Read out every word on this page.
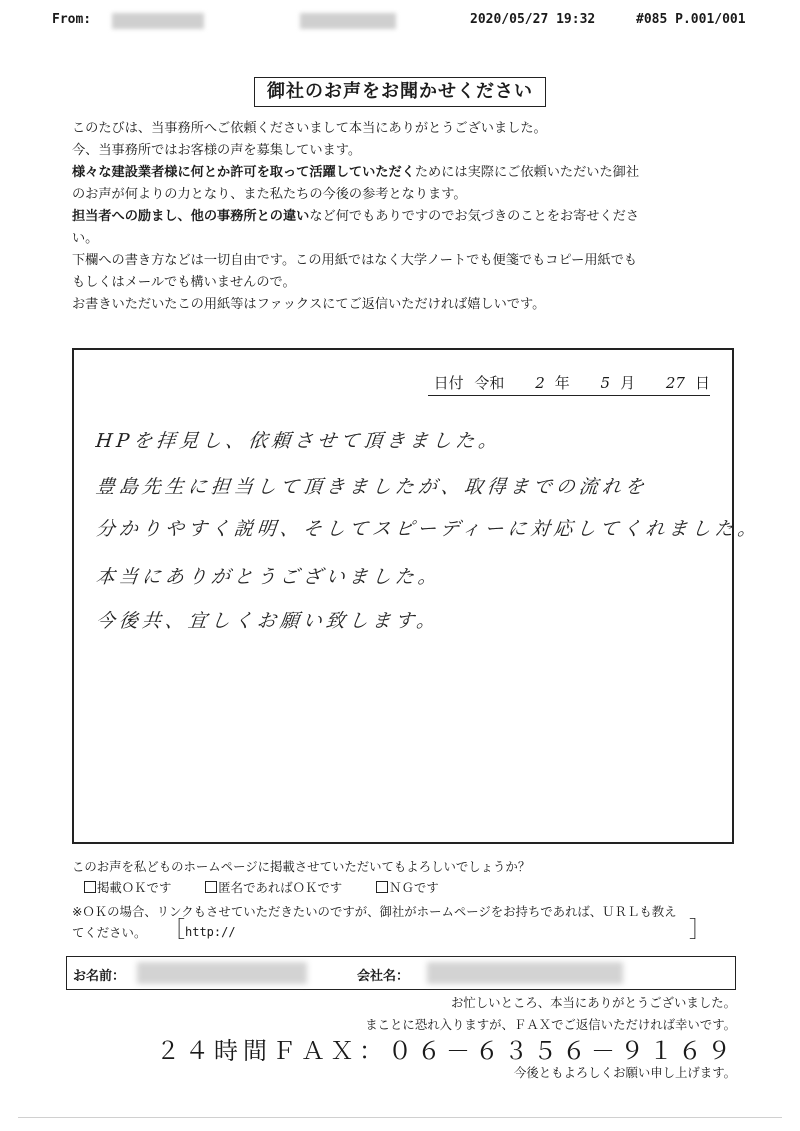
From:	2020/05/27 19:32	#085 P.001/001
御社のお声をお聞かせください

このたびは、当事務所へご依頼くださいまして本当にありがとうございました。

今、当事務所ではお客様の声を募集しています。

様々な建設業者様に何とか許可を取って活躍していただくためには実際にご依頼いただいた御社

のお声が何よりの力となり、また私たちの今後の参考となります。

担当者への励まし、他の事務所との違いなど何でもありですのでお気づきのことをお寄せくださ

い。

下欄への書き方などは一切自由です。この用紙ではなく大学ノートでも便箋でもコピー用紙でも

もしくはメールでも構いませんので。

お書きいただいたこの用紙等はファックスにてご返信いただければ嬉しいです。

日付 令和 2 年 5 月 27 日
HPを拝見し、依頼させて頂きました。
豊島先生に担当して頂きましたが、取得までの流れを
分かりやすく説明、そしてスピーディーに対応してくれました。
本当にありがとうございました。
今後共、宜しくお願い致します。
このお声を私どものホームページに掲載させていただいてもよろしいでしょうか？
掲載ＯＫです	匿名であればＯＫです	ＮＧです
※ＯＫの場合、リンクもさせていただきたいのですが、御社がホームページをお持ちであれば、ＵＲＬも教え
てください。 ［ http://	］
お名前：	会社名：
お忙しいところ、本当にありがとうございました。
まことに恐れ入りますが、ＦＡＸでご返信いただければ幸いです。
２４時間ＦＡＸ：０６－６３５６－９１６９
今後ともよろしくお願い申し上げます。
